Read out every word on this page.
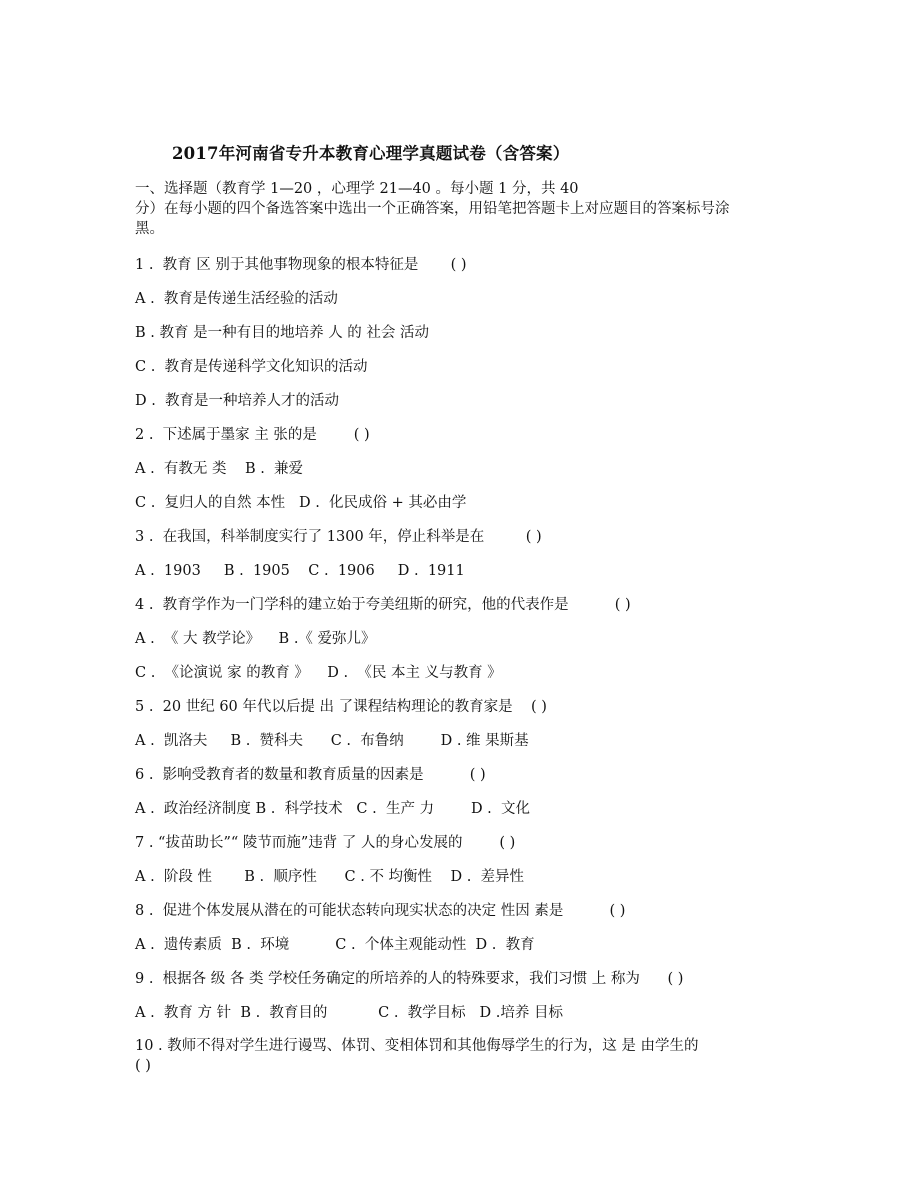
2017年河南省专升本教育心理学真题试卷（含答案）
一、选择题（教育学 1—20 ，心理学 21—40 。每小题 1 分，共 40
分）在每小题的四个备选答案中选出一个正确答案，用铅笔把答题卡上对应题目的答案标号涂
黑。
1 .  教育 区 别于其他事物现象的根本特征是       ( )
A .  教育是传递生活经验的活动
B . 教育 是一种有目的地培养 人 的 社会 活动
C .  教育是传递科学文化知识的活动
D .  教育是一种培养人才的活动
2 .  下述属于墨家 主 张的是        ( )
A .  有教无 类    B .  兼爱
C .  复归人的自然 本性   D .  化民成俗 + 其必由学
3 .  在我国，科举制度实行了 1300 年，停止科举是在         ( )
A .  1903     B .  1905    C .  1906     D .  1911
4 .  教育学作为一门学科的建立始于夸美纽斯的研究，他的代表作是          ( )
A .  《 大 教学论》    B .《 爱弥儿》
C .  《论演说 家 的教育 》    D .  《民 本主 义与教育 》
5 .  20 世纪 60 年代以后提 出 了课程结构理论的教育家是    ( )
A .  凯洛夫     B .  赞科夫      C .  布鲁纳        D . 维 果斯基
6 .  影响受教育者的数量和教育质量的因素是          ( )
A .  政治经济制度 B .  科学技术   C .  生产 力        D .  文化
7 . “拔苗助长”“ 陵节而施”违背 了 人的身心发展的        ( )
A .  阶段 性       B .  顺序性      C . 不 均衡性    D .  差异性
8 .  促进个体发展从潜在的可能状态转向现实状态的决定 性因 素是          ( )
A .  遗传素质  B .  环境          C .  个体主观能动性  D .  教育
9 .  根据各 级 各 类 学校任务确定的所培养的人的特殊要求，我们习惯 上 称为      ( )
A .  教育 方 针  B .  教育目的           C .  教学目标   D .培养 目标
10 . 教师不得对学生进行谩骂、体罚、变相体罚和其他侮辱学生的行为，这 是 由学生的
( )
